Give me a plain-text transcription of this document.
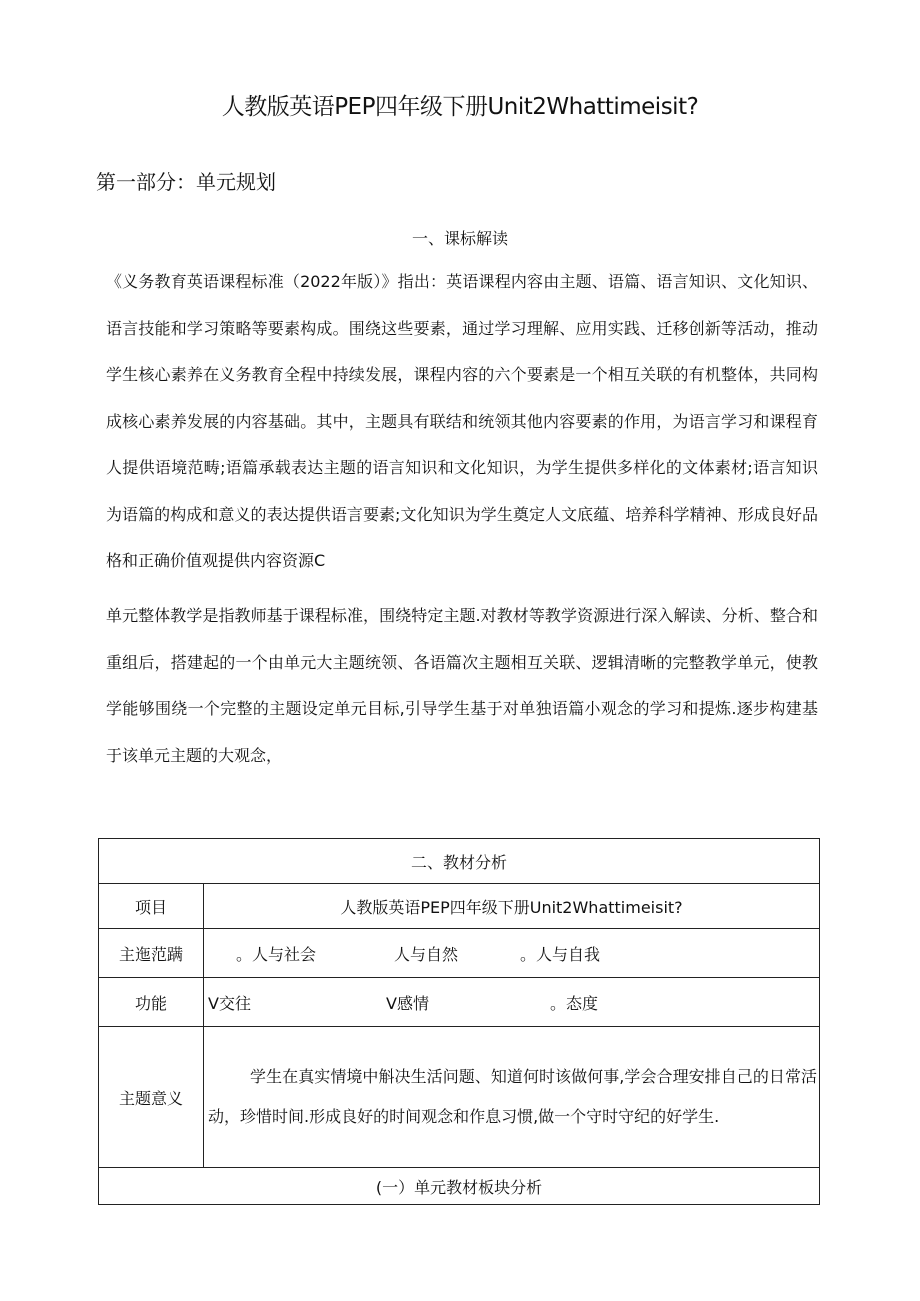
人教版英语PEP四年级下册Unit2Whattimeisit?
第一部分：单元规划
一、课标解读

《义务教育英语课程标准（2022年版）》指出：英语课程内容由主题、语篇、语言知识、文化知识、语言技能和学习策略等要素构成。围绕这些要素，通过学习理解、应用实践、迁移创新等活动，推动学生核心素养在义务教育全程中持续发展，课程内容的六个要素是一个相互关联的有机整体，共同构成核心素养发展的内容基础。其中，主题具有联结和统领其他内容要素的作用，为语言学习和课程育人提供语境范畴;语篇承载表达主题的语言知识和文化知识，为学生提供多样化的文体素材;语言知识为语篇的构成和意义的表达提供语言要素;文化知识为学生奠定人文底蕴、培养科学精神、形成良好品格和正确价值观提供内容资源C

单元整体教学是指教师基于课程标准，围绕特定主题.对教材等教学资源进行深入解读、分析、整合和重组后，搭建起的一个由单元大主题统领、各语篇次主题相互关联、逻辑清晰的完整教学单元，使教学能够围绕一个完整的主题设定单元目标,引导学生基于对单独语篇小观念的学习和提炼.逐步构建基于该单元主题的大观念，

二、教材分析	
项目	人教版英语PEP四年级下册Unit2Whattimeisit?
主迤范蹒	。人与社会 人与自然 。人与自我
功能	V交往 V感情 。态度
主题意义	学生在真实情境中斛决生活问题、知道何时该做何事,学会合理安排自己的日常活动，珍惜时间.形成良好的时间观念和作息习惯,做一个守时守纪的好学生.
(一）单元教材板块分析	
